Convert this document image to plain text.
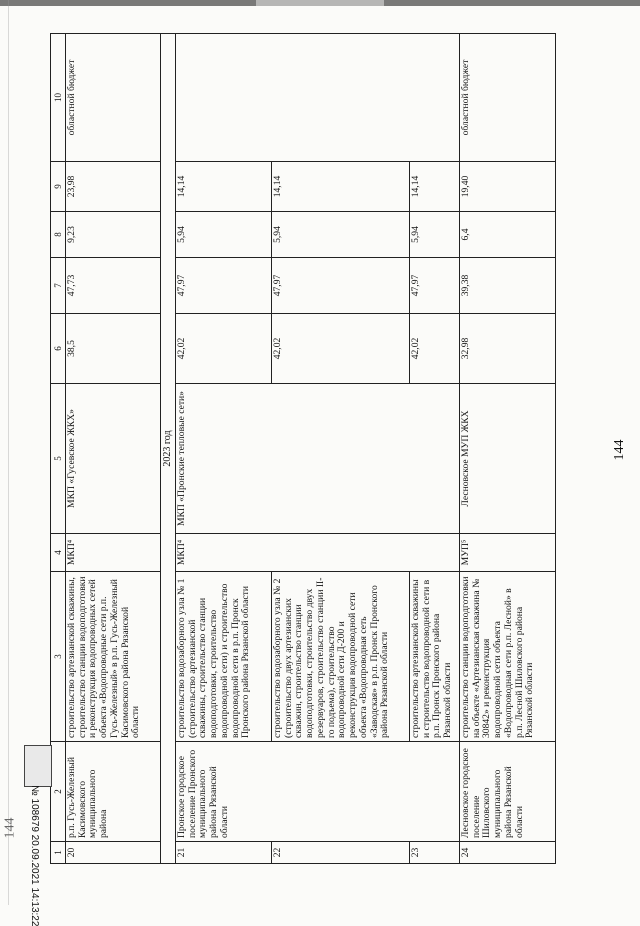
144
1	2	3	4	5	6	7	8	9	10
20	р.п. Гусь-Железный Касимовского муниципального района	строительство артезианской скважины, строительство станции водоподготовки и реконструкция водопроводных сетей объекта «Водопроводные сети р.п. Гусь-Железный» в р.п. Гусь-Железный Касимовского района Рязанской области	МКП⁴	МКП «Гусевское ЖКХ»	38,5	47,73	9,23	23,98	областной бюджет
2023 год									
21	Пронское городское поселение Пронского муниципального района Рязанской области	строительство водозаборного узла № 1 (строительство артезианской скважины, строительство станции водоподготовки, строительство водопроводной сети) и строительство водопроводной сети в р.п. Пронск Пронского района Рязанской области	МКП⁴	МКП «Пронские тепловые сети»	42,02	47,97	5,94	14,14	
22		строительство водозаборного узла № 2 (строительство двух артезианских скважин, строительство станции водоподготовки, строительство двух резервуаров, строительство станции II-го подъема), строительство водопроводной сети Д-200 и реконструкция водопроводной сети объекта «Водопроводная сеть «Заводская» в р.п. Пронск Пронского района Рязанской области			42,02	47,97	5,94	14,14	
23		строительство артезианской скважины и строительство водопроводной сети в р.п. Пронск Пронского района Рязанской области			42,02	47,97	5,94	14,14	
24	Лесновское городское поселение Шиловского муниципального района Рязанской области	строительство станции водоподготовки на объекте «Артезианская скважина № 30842» и реконструкция водопроводной сети объекта «Водопроводная сети р.п. Лесной» в р.п. Лесной Шиловского района Рязанской области	МУП⁵	Лесновское МУП ЖКХ	32,98	39,38	6,4	19,40	областной бюджет
№ 108679 20.09.2021 14:13:22
144
